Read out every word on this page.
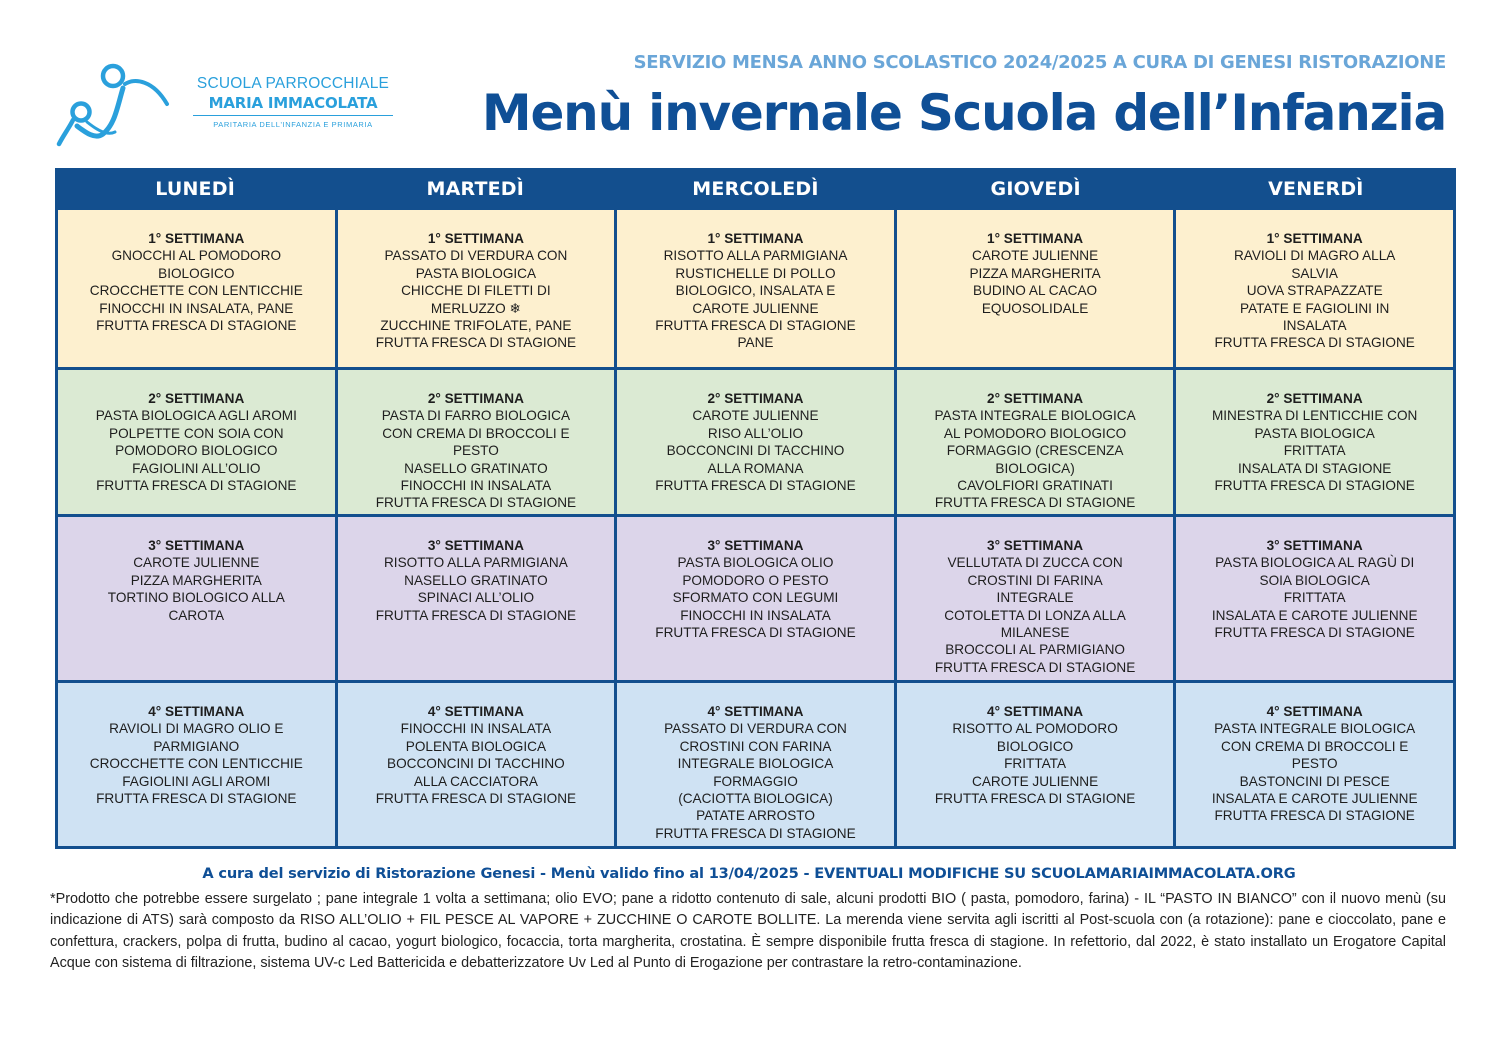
SCUOLA PARROCCHIALE
MARIA IMMACOLATA
PARITARIA DELL'INFANZIA E PRIMARIA
SERVIZIO MENSA ANNO SCOLASTICO 2024/2025 A CURA DI GENESI RISTORAZIONE
Menù invernale Scuola dell’Infanzia
LUNEDÌ	MARTEDÌ	MERCOLEDÌ	GIOVEDÌ	VENERDÌ
1° SETTIMANA
GNOCCHI AL POMODORO
BIOLOGICO
CROCCHETTE CON LENTICCHIE
FINOCCHI IN INSALATA, PANE
FRUTTA FRESCA DI STAGIONE
1° SETTIMANA
PASSATO DI VERDURA CON
PASTA BIOLOGICA
CHICCHE DI FILETTI DI
MERLUZZO ❄
ZUCCHINE TRIFOLATE, PANE
FRUTTA FRESCA DI STAGIONE
1° SETTIMANA
RISOTTO ALLA PARMIGIANA
RUSTICHELLE DI POLLO
BIOLOGICO, INSALATA E
CAROTE JULIENNE
FRUTTA FRESCA DI STAGIONE
PANE
1° SETTIMANA
CAROTE JULIENNE
PIZZA MARGHERITA
BUDINO AL CACAO
EQUOSOLIDALE
1° SETTIMANA
RAVIOLI DI MAGRO ALLA
SALVIA
UOVA STRAPAZZATE
PATATE E FAGIOLINI IN
INSALATA
FRUTTA FRESCA DI STAGIONE
2° SETTIMANA
PASTA BIOLOGICA AGLI AROMI
POLPETTE CON SOIA CON
POMODORO BIOLOGICO
FAGIOLINI ALL’OLIO
FRUTTA FRESCA DI STAGIONE
2° SETTIMANA
PASTA DI FARRO BIOLOGICA
CON CREMA DI BROCCOLI E
PESTO
NASELLO GRATINATO
FINOCCHI IN INSALATA
FRUTTA FRESCA DI STAGIONE
2° SETTIMANA
CAROTE JULIENNE
RISO ALL’OLIO
BOCCONCINI DI TACCHINO
ALLA ROMANA
FRUTTA FRESCA DI STAGIONE
2° SETTIMANA
PASTA INTEGRALE BIOLOGICA
AL POMODORO BIOLOGICO
FORMAGGIO (CRESCENZA
BIOLOGICA)
CAVOLFIORI GRATINATI
FRUTTA FRESCA DI STAGIONE
2° SETTIMANA
MINESTRA DI LENTICCHIE CON
PASTA BIOLOGICA
FRITTATA
INSALATA DI STAGIONE
FRUTTA FRESCA DI STAGIONE
3° SETTIMANA
CAROTE JULIENNE
PIZZA MARGHERITA
TORTINO BIOLOGICO ALLA
CAROTA
3° SETTIMANA
RISOTTO ALLA PARMIGIANA
NASELLO GRATINATO
SPINACI ALL’OLIO
FRUTTA FRESCA DI STAGIONE
3° SETTIMANA
PASTA BIOLOGICA OLIO
POMODORO O PESTO
SFORMATO CON LEGUMI
FINOCCHI IN INSALATA
FRUTTA FRESCA DI STAGIONE
3° SETTIMANA
VELLUTATA DI ZUCCA CON
CROSTINI DI FARINA
INTEGRALE
COTOLETTA DI LONZA ALLA
MILANESE
BROCCOLI AL PARMIGIANO
FRUTTA FRESCA DI STAGIONE
3° SETTIMANA
PASTA BIOLOGICA AL RAGÙ DI
SOIA BIOLOGICA
FRITTATA
INSALATA E CAROTE JULIENNE
FRUTTA FRESCA DI STAGIONE
4° SETTIMANA
RAVIOLI DI MAGRO OLIO E
PARMIGIANO
CROCCHETTE CON LENTICCHIE
FAGIOLINI AGLI AROMI
FRUTTA FRESCA DI STAGIONE
4° SETTIMANA
FINOCCHI IN INSALATA
POLENTA BIOLOGICA
BOCCONCINI DI TACCHINO
ALLA CACCIATORA
FRUTTA FRESCA DI STAGIONE
4° SETTIMANA
PASSATO DI VERDURA CON
CROSTINI CON FARINA
INTEGRALE BIOLOGICA
FORMAGGIO
(CACIOTTA BIOLOGICA)
PATATE ARROSTO
FRUTTA FRESCA DI STAGIONE
4° SETTIMANA
RISOTTO AL POMODORO
BIOLOGICO
FRITTATA
CAROTE JULIENNE
FRUTTA FRESCA DI STAGIONE
4° SETTIMANA
PASTA INTEGRALE BIOLOGICA
CON CREMA DI BROCCOLI E
PESTO
BASTONCINI DI PESCE
INSALATA E CAROTE JULIENNE
FRUTTA FRESCA DI STAGIONE
A cura del servizio di Ristorazione Genesi - Menù valido fino al 13/04/2025 - EVENTUALI MODIFICHE SU SCUOLAMARIAIMMACOLATA.ORG
*Prodotto che potrebbe essere surgelato ; pane integrale 1 volta a settimana; olio EVO; pane a ridotto contenuto di sale, alcuni prodotti BIO ( pasta, pomodoro, farina) - IL “PASTO IN BIANCO” con il nuovo menù (su indicazione di ATS) sarà composto da RISO ALL’OLIO + FIL PESCE AL VAPORE + ZUCCHINE O CAROTE BOLLITE. La merenda viene servita agli iscritti al Post-scuola con (a rotazione): pane e cioccolato, pane e confettura, crackers, polpa di frutta, budino al cacao, yogurt biologico, focaccia, torta margherita, crostatina. È sempre disponibile frutta fresca di stagione. In refettorio, dal 2022, è stato installato un Erogatore Capital Acque con sistema di filtrazione, sistema UV-c Led Battericida e debatterizzatore Uv Led al Punto di Erogazione per contrastare la retro-contaminazione.
